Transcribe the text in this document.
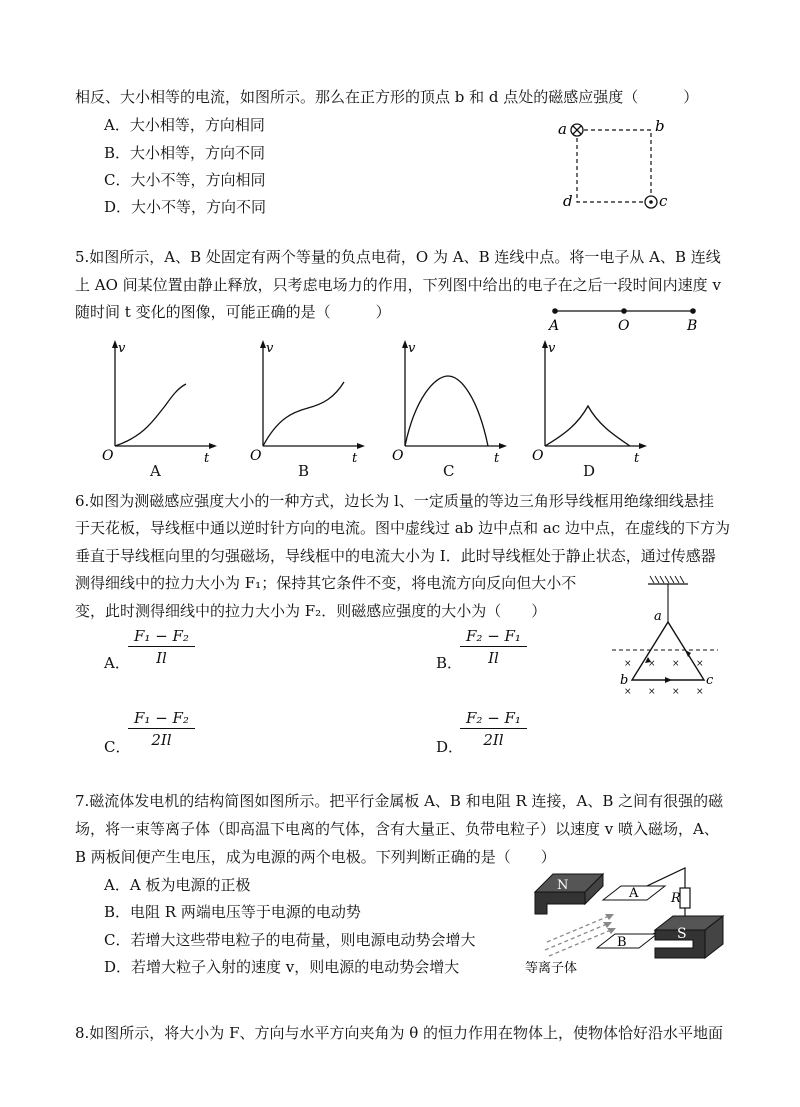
相反、大小相等的电流，如图所示。那么在正方形的顶点 b 和 d 点处的磁感应强度（　　　）
A．大小相等，方向相同
B．大小相等，方向不同
C．大小不等，方向相同
D．大小不等，方向不同
a	b
c
d
5.如图所示，A、B 处固定有两个等量的负点电荷，O 为 A、B 连线中点。将一电子从 A、B 连线
上 AO 间某位置由静止释放，只考虑电场力的作用，下列图中给出的电子在之后一段时间内速度 v
随时间 t 变化的图像，可能正确的是（　　　）
A	O	B
v
O	t
A
v
O	t
B
v
O	t
C
v
O	t
D
6.如图为测磁感应强度大小的一种方式，边长为 l、一定质量的等边三角形导线框用绝缘细线悬挂
于天花板，导线框中通以逆时针方向的电流。图中虚线过 ab 边中点和 ac 边中点，在虚线的下方为
垂直于导线框向里的匀强磁场，导线框中的电流大小为 I．此时导线框处于静止状态，通过传感器
测得细线中的拉力大小为 F₁；保持其它条件不变，将电流方向反向但大小不
变，此时测得细线中的拉力大小为 F₂．则磁感应强度的大小为（　　）
A．
$\frac{\text{F₁ − F₂}}{Il}$	B．
$\frac{\text{F₂ − F₁}}{Il}$
C．
$\frac{\text{F₁ − F₂}}{2Il}$	D．
$\frac{\text{F₂ − F₁}}{2Il}$
× × × ×
× × × ×
a
b	c
7.磁流体发电机的结构简图如图所示。把平行金属板 A、B 和电阻 R 连接，A、B 之间有很强的磁
场，将一束等离子体（即高温下电离的气体，含有大量正、负带电粒子）以速度 v 喷入磁场，A、
B 两板间便产生电压，成为电源的两个电极。下列判断正确的是（　　）
A．A 板为电源的正极
B．电阻 R 两端电压等于电源的电动势
C．若增大这些带电粒子的电荷量，则电源电动势会增大
D．若增大粒子入射的速度 v，则电源的电动势会增大
N
S
A
B
R
等离子体
8.如图所示，将大小为 F、方向与水平方向夹角为 θ 的恒力作用在物体上，使物体恰好沿水平地面
